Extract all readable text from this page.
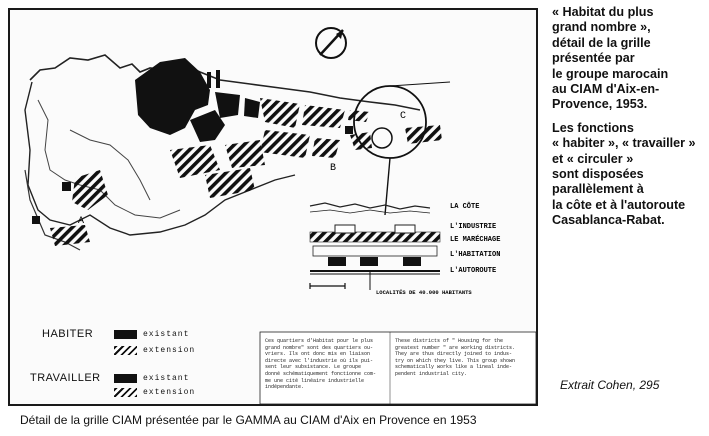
A
B
C
LA CÔTE
L'INDUSTRIE
LE MARÉCHAGE
L'HABITATION
L'AUTOROUTE
LOCALITÉS DE 40.000 HABITANTS
HABITER	existant
extension
TRAVAILLER	existant
extension
Ces quartiers d'Habitat pour le plus
grand nombre" sont des quartiers ou-
vriers. Ils ont donc mis en liaison
directe avec l'industrie où ils pui-
sent leur subsistance. Le groupe
donné schématiquement fonctionne com-
me une cité linéaire industrielle
indépendante.
These districts of " Housing for the
greatest number " are working districts.
They are thus directly joined to indus-
try on which they live. This group shown
schematically works like a lineal inde-
pendent industrial city.

« Habitat du plus
grand nombre »,
détail de la grille
présentée par
le groupe marocain
au CIAM d'Aix-en-
Provence, 1953.

Les fonctions
« habiter », « travailler »
et « circuler »
sont disposées
parallèlement à
la côte et à l'autoroute
Casablanca-Rabat.

Extrait Cohen, 295
Détail de la grille CIAM présentée par le GAMMA au CIAM d'Aix en Provence en 1953
